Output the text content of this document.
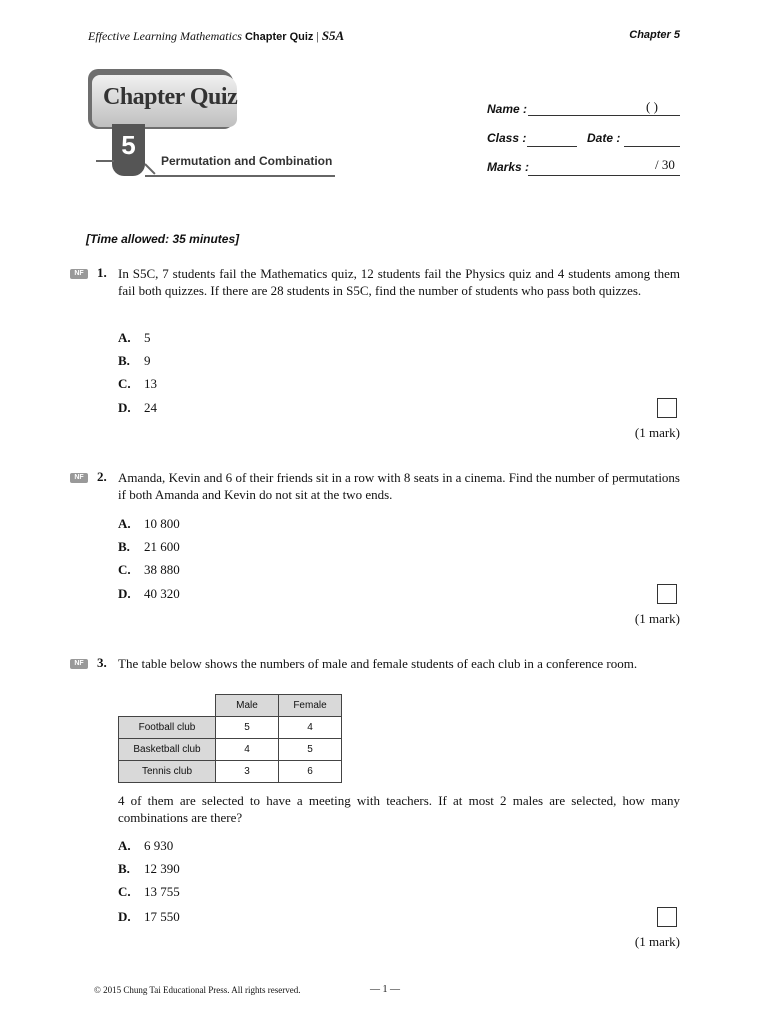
Effective Learning Mathematics Chapter Quiz | S5A	Chapter 5
Chapter Quiz
5
Permutation and Combination
Name :	( )
Class :	Date :
Marks :	/ 30
[Time allowed: 35 minutes]
NF	1. In S5C, 7 students fail the Mathematics quiz, 12 students fail the Physics quiz and 4 students among them fail both quizzes. If there are 28 students in S5C, find the number of students who pass both quizzes.
A. 5
B. 9
C. 13
D. 24
(1 mark)
NF	2. Amanda, Kevin and 6 of their friends sit in a row with 8 seats in a cinema. Find the number of permutations if both Amanda and Kevin do not sit at the two ends.
A. 10 800
B. 21 600
C. 38 880
D. 40 320
(1 mark)
NF	3. The table below shows the numbers of male and female students of each club in a conference room.
	Male	Female
Football club	5	4
Basketball club	4	5
Tennis club	3	6
4 of them are selected to have a meeting with teachers. If at most 2 males are selected, how many combinations are there?
A. 6 930
B. 12 390
C. 13 755
D. 17 550
(1 mark)
© 2015 Chung Tai Educational Press. All rights reserved.	— 1 —
